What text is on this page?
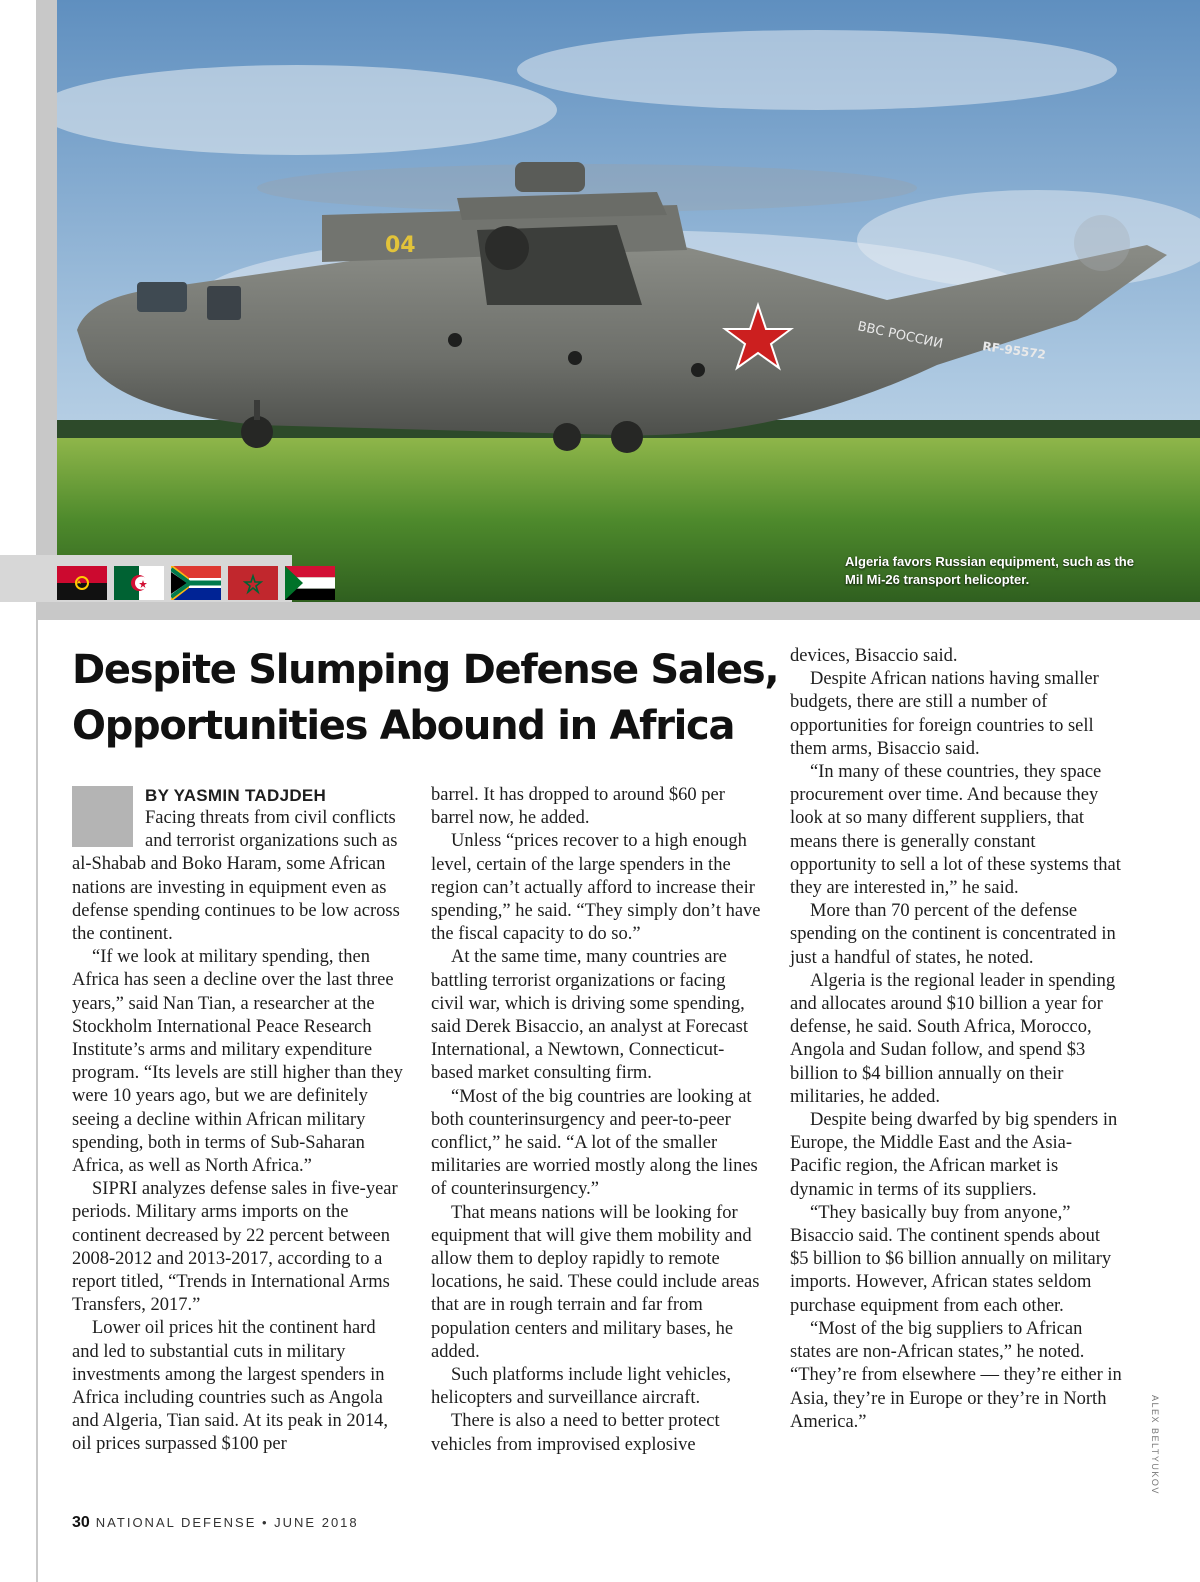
04
ВВС РОССИИ	RF-95572
Algeria favors Russian equipment, such as the Mil Mi-26 transport helicopter.
Despite Slumping Defense Sales,
Opportunities Abound in Africa
BY YASMIN TADJDEH

Facing threats from civil conflicts and terrorist organizations such as al-Shabab and Boko Haram, some African nations are investing in equipment even as defense spending continues to be low across the continent.

“If we look at military spending, then Africa has seen a decline over the last three years,” said Nan Tian, a researcher at the Stockholm International Peace Research Institute’s arms and military expenditure program. “Its levels are still higher than they were 10 years ago, but we are definitely seeing a decline within African military spending, both in terms of Sub-Saharan Africa, as well as North Africa.”

SIPRI analyzes defense sales in five-year periods. Military arms imports on the continent decreased by 22 percent between 2008-2012 and 2013-2017, according to a report titled, “Trends in International Arms Transfers, 2017.”

Lower oil prices hit the continent hard and led to substantial cuts in military investments among the largest spenders in Africa including countries such as Angola and Algeria, Tian said. At its peak in 2014, oil prices surpassed $100 per

barrel. It has dropped to around $60 per barrel now, he added.

Unless “prices recover to a high enough level, certain of the large spenders in the region can’t actually afford to increase their spending,” he said. “They simply don’t have the fiscal capacity to do so.”

At the same time, many countries are battling terrorist organizations or facing civil war, which is driving some spending, said Derek Bisaccio, an analyst at Forecast International, a Newtown, Connecticut-based market consulting firm.

“Most of the big countries are looking at both counterinsurgency and peer-to-peer conflict,” he said. “A lot of the smaller militaries are worried mostly along the lines of counterinsurgency.”

That means nations will be looking for equipment that will give them mobility and allow them to deploy rapidly to remote locations, he said. These could include areas that are in rough terrain and far from population centers and military bases, he added.

Such platforms include light vehicles, helicopters and surveillance aircraft.

There is also a need to better protect vehicles from improvised explosive

devices, Bisaccio said.

Despite African nations having smaller budgets, there are still a number of opportunities for foreign countries to sell them arms, Bisaccio said.

“In many of these countries, they space procurement over time. And because they look at so many different suppliers, that means there is generally constant opportunity to sell a lot of these systems that they are interested in,” he said.

More than 70 percent of the defense spending on the continent is concentrated in just a handful of states, he noted.

Algeria is the regional leader in spending and allocates around $10 billion a year for defense, he said. South Africa, Morocco, Angola and Sudan follow, and spend $3 billion to $4 billion annually on their militaries, he added.

Despite being dwarfed by big spenders in Europe, the Middle East and the Asia-Pacific region, the African market is dynamic in terms of its suppliers.

“They basically buy from anyone,” Bisaccio said. The continent spends about $5 billion to $6 billion annually on military imports. However, African states seldom purchase equipment from each other.

“Most of the big suppliers to African states are non-African states,” he noted. “They’re from elsewhere — they’re either in Asia, they’re in Europe or they’re in North America.”	ALEX BELTYUKOV
30 NATIONAL DEFENSE • JUNE 2018
